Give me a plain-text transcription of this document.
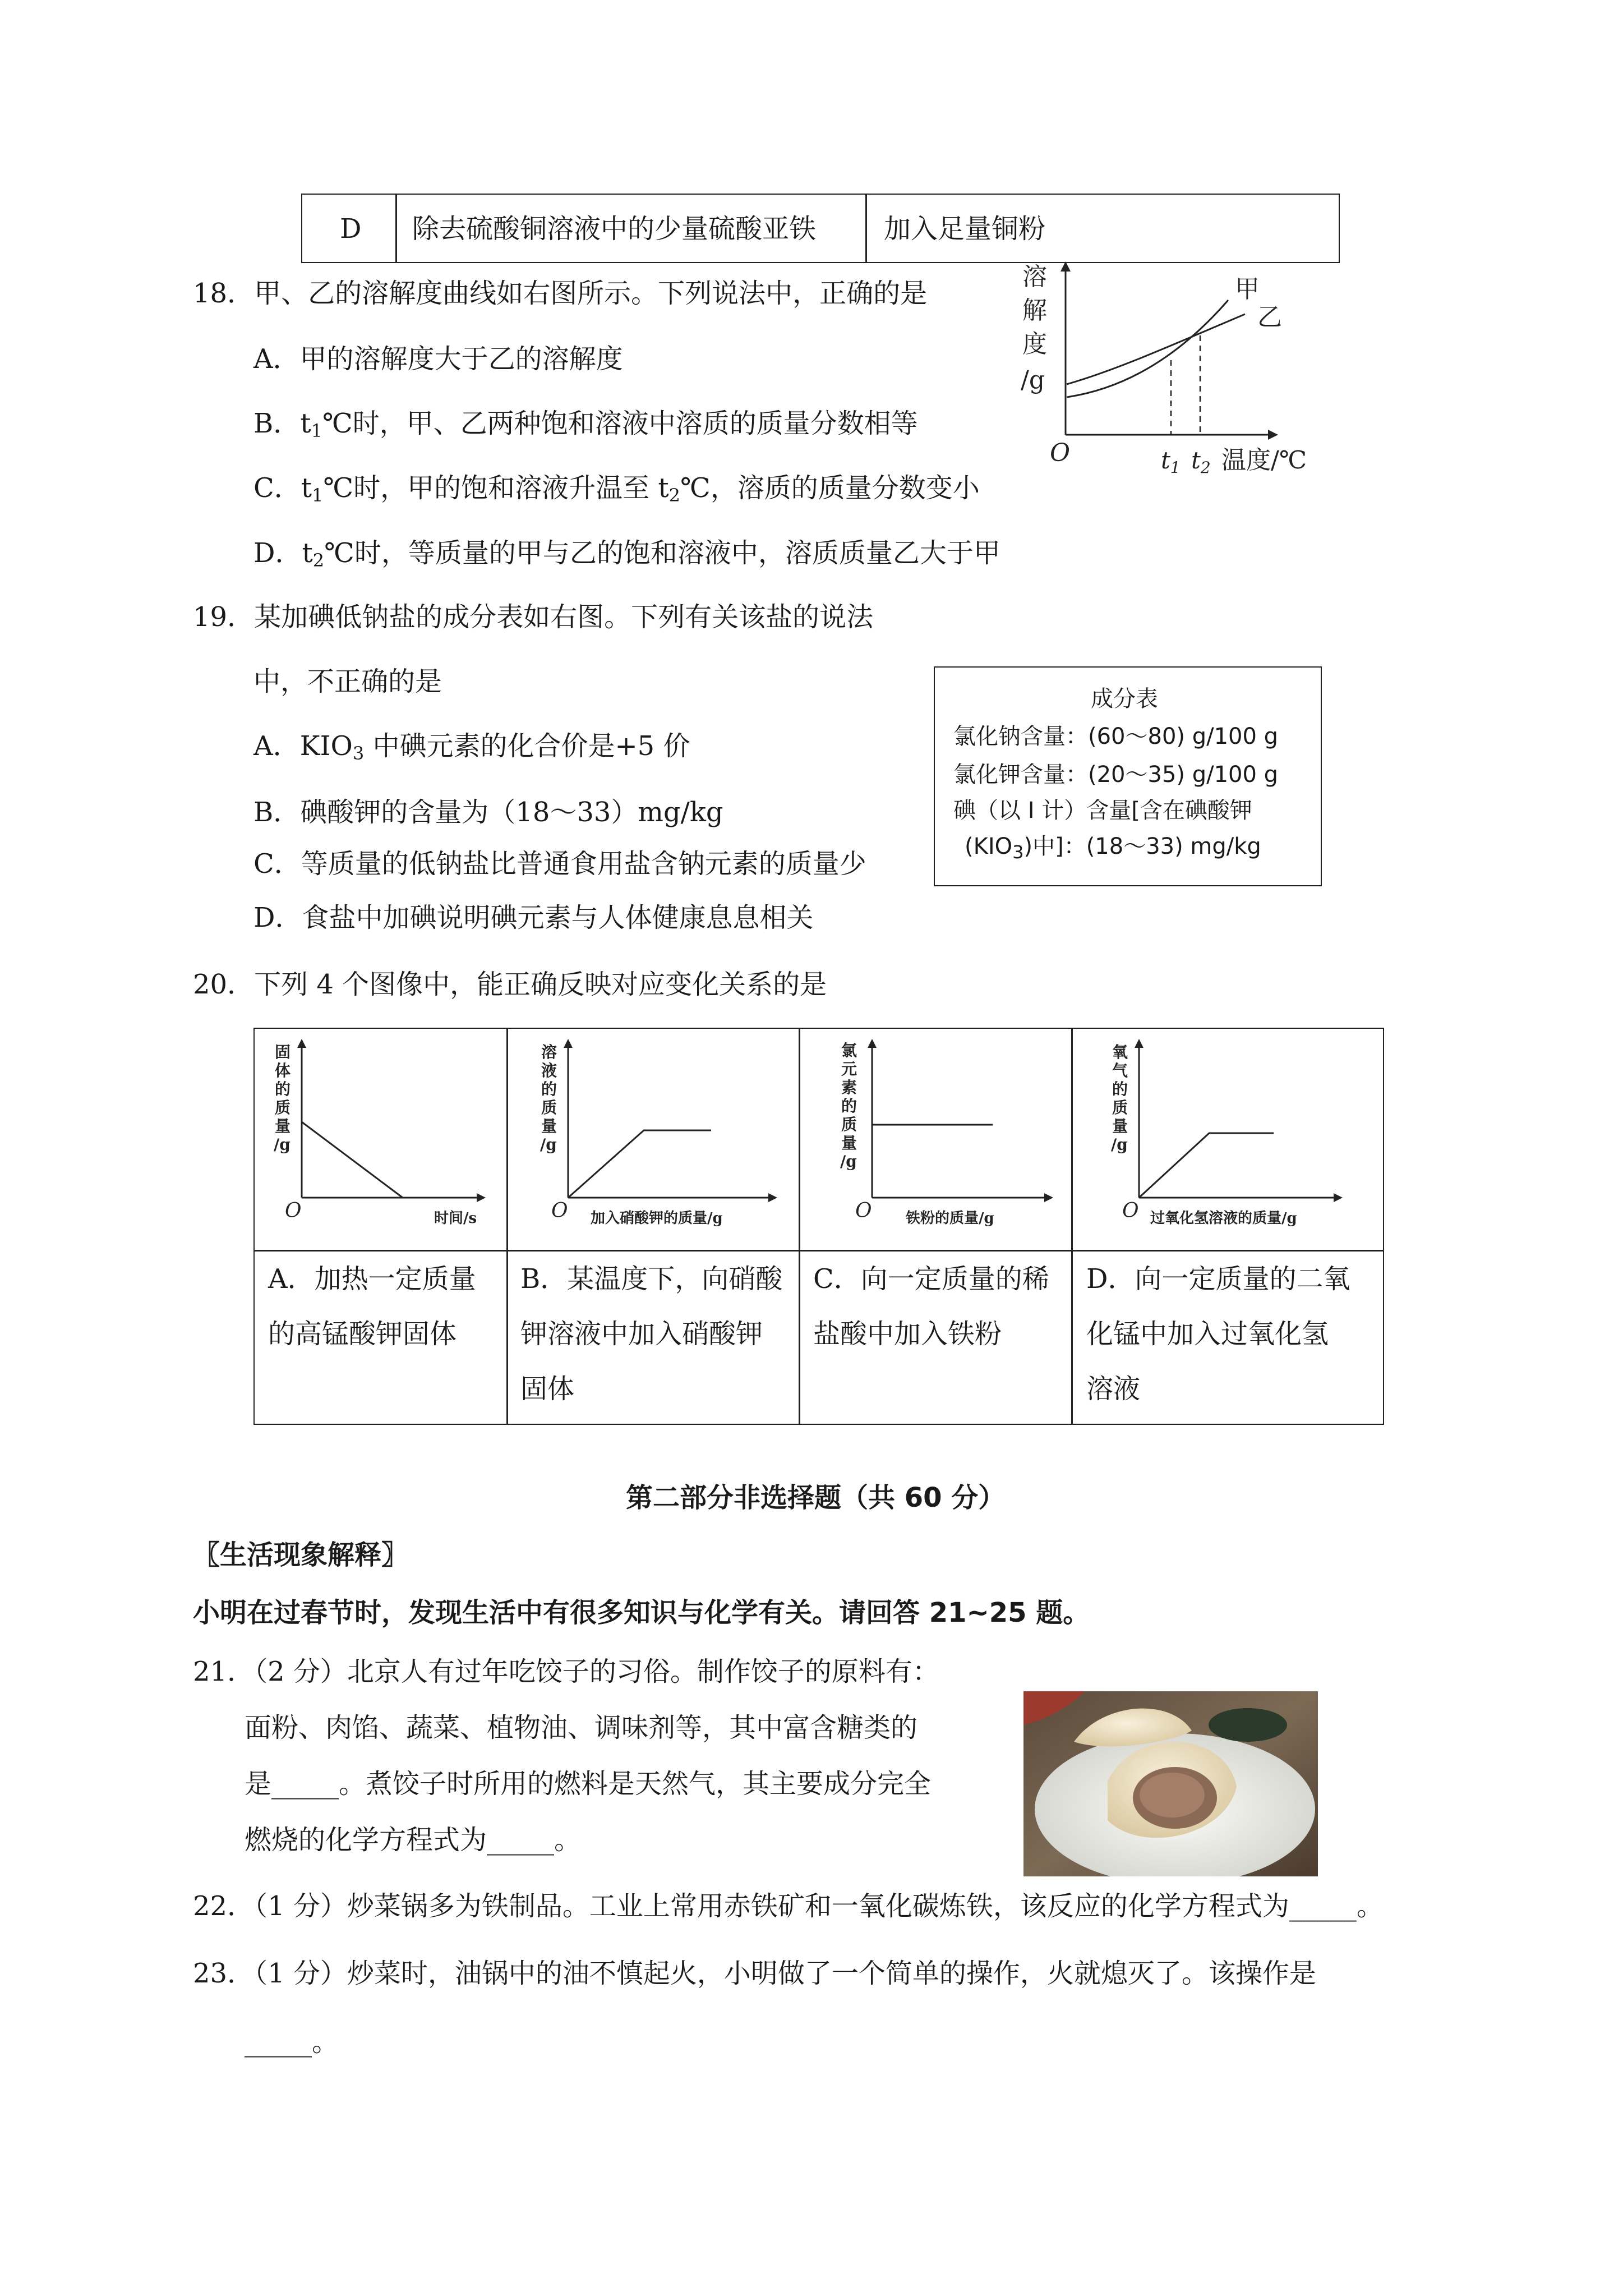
D 除去硫酸铜溶液中的少量硫酸亚铁	加入足量铜粉
18．甲、乙的溶解度曲线如右图所示。下列说法中，正确的是
A．甲的溶解度大于乙的溶解度
B．$t_1℃$时，甲、乙两种饱和溶液中溶质的质量分数相等
C．$t_1℃$时，甲的饱和溶液升温至 $t_2℃$，溶质的质量分数变小
D．$t_2℃$时，等质量的甲与乙的饱和溶液中，溶质质量乙大于甲
溶
解
度
/g
O	t1 t2 温度/℃
甲
乙
19．某加碘低钠盐的成分表如右图。下列有关该盐的说法
中，不正确的是
A．$KIO_3$ 中碘元素的化合价是+5 价
B．碘酸钾的含量为（18～33）mg/kg
C．等质量的低钠盐比普通食用盐含钠元素的质量少
D．食盐中加碘说明碘元素与人体健康息息相关
成分表
氯化钠含量：(60～80) g/100 g
氯化钾含量：(20～35) g/100 g
碘（以 I 计）含量[含在碘酸钾
$(KIO_3)$中]：(18～33) mg/kg
20．下列 4 个图像中，能正确反映对应变化关系的是
固
体
的
质
量
/g
O	时间/s
溶
液
的
质
量
/g
O 加入硝酸钾的质量/g
氯
元
素
的
质
量
/g
O 铁粉的质量/g
氧
气
的
质
量
/g
O 过氧化氢溶液的质量/g
A．加热一定质量
的高锰酸钾固体
B．某温度下，向硝酸
钾溶液中加入硝酸钾
固体
C．向一定质量的稀
盐酸中加入铁粉
D．向一定质量的二氧
化锰中加入过氧化氢
溶液
第二部分非选择题（共 60 分）
〖生活现象解释〗
小明在过春节时，发现生活中有很多知识与化学有关。请回答 21~25 题。
21．（2 分）北京人有过年吃饺子的习俗。制作饺子的原料有：
面粉、肉馅、蔬菜、植物油、调味剂等，其中富含糖类的
是_____。煮饺子时所用的燃料是天然气，其主要成分完全
燃烧的化学方程式为_____。
22．（1 分）炒菜锅多为铁制品。工业上常用赤铁矿和一氧化碳炼铁，该反应的化学方程式为_____。
23．（1 分）炒菜时，油锅中的油不慎起火，小明做了一个简单的操作，火就熄灭了。该操作是
_____。
